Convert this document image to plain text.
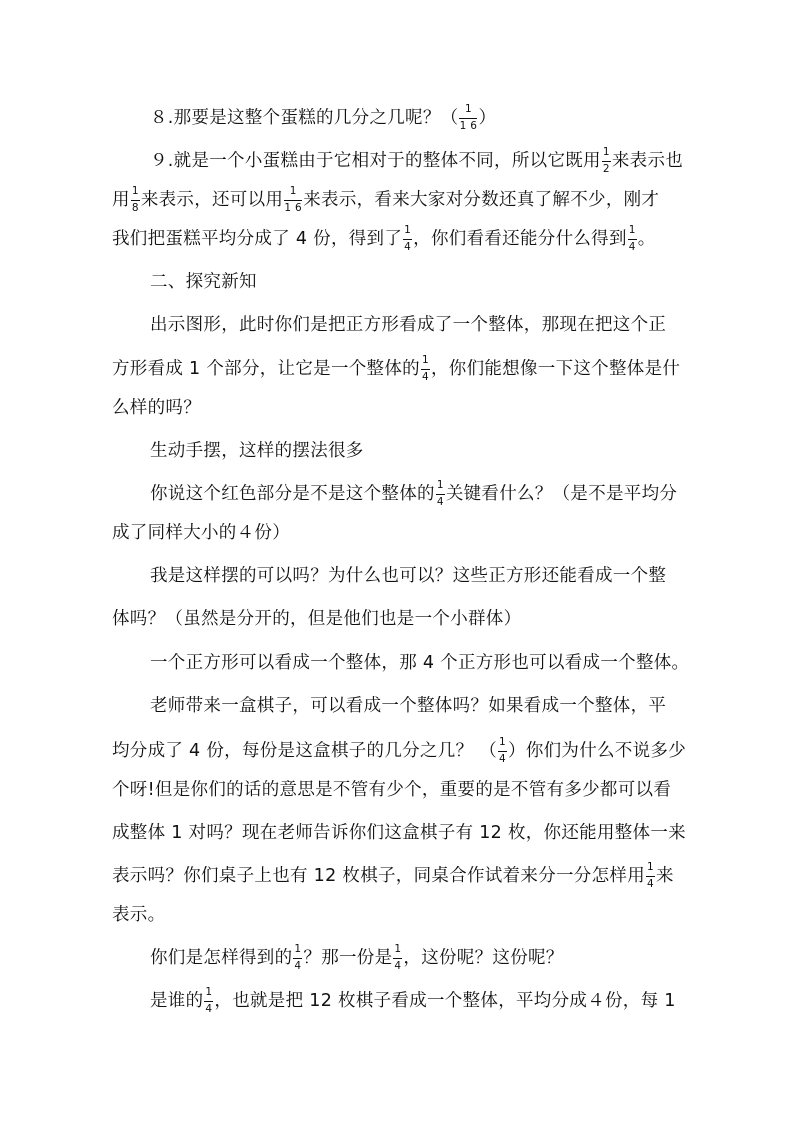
８.那要是这整个蛋糕的几分之几呢？（ $\frac{1}{1 6}$ ）
９.就是一个小蛋糕由于它相对于的整体不同，所以它既用 $\frac{1}{2}$ 来表示也
用 $\frac{1}{8}$ 来表示，还可以用 $\frac{1}{1 6}$ 来表示，看来大家对分数还真了解不少，刚才
我们把蛋糕平均分成了 4 份，得到了 $\frac{1}{4}$ ，你们看看还能分什么得到 $\frac{1}{4}$ 。
二、探究新知
出示图形，此时你们是把正方形看成了一个整体，那现在把这个正
方形看成 1 个部分，让它是一个整体的 $\frac{1}{4}$ ，你们能想像一下这个整体是什
么样的吗？
生动手摆，这样的摆法很多
你说这个红色部分是不是这个整体的 $\frac{1}{4}$ 关键看什么？（是不是平均分
成了同样大小的４份）
我是这样摆的可以吗？为什么也可以？这些正方形还能看成一个整
体吗？（虽然是分开的，但是他们也是一个小群体）
一个正方形可以看成一个整体，那 4 个正方形也可以看成一个整体。
老师带来一盒棋子，可以看成一个整体吗？如果看成一个整体，平
均分成了 4 份，每份是这盒棋子的几分之几？ （ $\frac{1}{4}$ ）你们为什么不说多少
个呀!但是你们的话的意思是不管有少个，重要的是不管有多少都可以看
成整体 1 对吗？现在老师告诉你们这盒棋子有 12 枚，你还能用整体一来
表示吗？你们桌子上也有 12 枚棋子，同桌合作试着来分一分怎样用 $\frac{1}{4}$ 来
表示。
你们是怎样得到的 $\frac{1}{4}$ ？那一份是 $\frac{1}{4}$ ，这份呢？这份呢？
是谁的 $\frac{1}{4}$ ，也就是把 12 枚棋子看成一个整体，平均分成４份，每 1
